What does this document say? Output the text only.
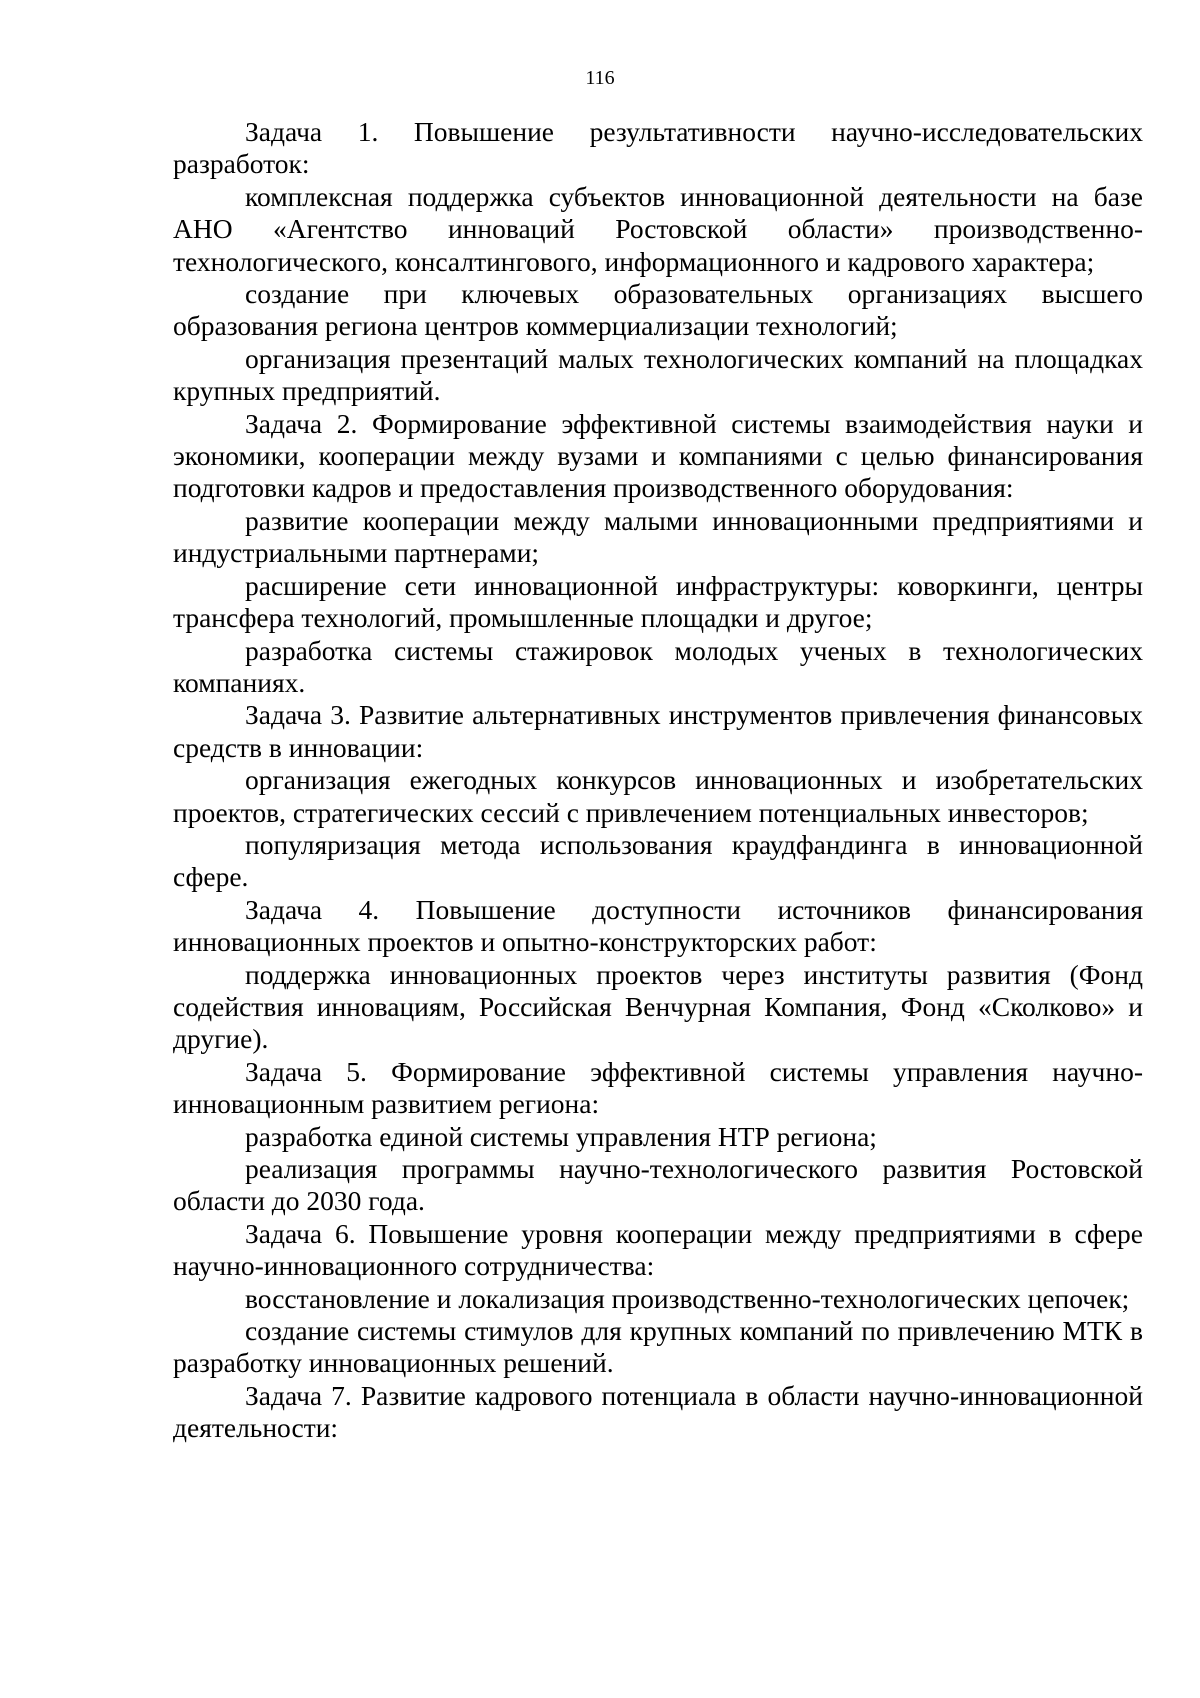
116

Задача 1. Повышение результативности научно-исследовательских разработок:

комплексная поддержка субъектов инновационной деятельности на базе АНО «Агентство инноваций Ростовской области» производственно-технологического, консалтингового, информационного и кадрового характера;

создание при ключевых образовательных организациях высшего образования региона центров коммерциализации технологий;

организация презентаций малых технологических компаний на площадках крупных предприятий.

Задача 2. Формирование эффективной системы взаимодействия науки и экономики, кооперации между вузами и компаниями с целью финансирования подготовки кадров и предоставления производственного оборудования:

развитие кооперации между малыми инновационными предприятиями и индустриальными партнерами;

расширение сети инновационной инфраструктуры: коворкинги, центры трансфера технологий, промышленные площадки и другое;

разработка системы стажировок молодых ученых в технологических компаниях.

Задача 3. Развитие альтернативных инструментов привлечения финансовых средств в инновации:

организация ежегодных конкурсов инновационных и изобретательских проектов, стратегических сессий с привлечением потенциальных инвесторов;

популяризация метода использования краудфандинга в инновационной сфере.

Задача 4. Повышение доступности источников финансирования инновационных проектов и опытно-конструкторских работ:

поддержка инновационных проектов через институты развития (Фонд содействия инновациям, Российская Венчурная Компания, Фонд «Сколково» и другие).

Задача 5. Формирование эффективной системы управления научно-инновационным развитием региона:

разработка единой системы управления НТР региона;

реализация программы научно-технологического развития Ростовской области до 2030 года.

Задача 6. Повышение уровня кооперации между предприятиями в сфере научно-инновационного сотрудничества:

восстановление и локализация производственно-технологических цепочек;

создание системы стимулов для крупных компаний по привлечению МТК в разработку инновационных решений.

Задача 7. Развитие кадрового потенциала в области научно-инновационной деятельности:
